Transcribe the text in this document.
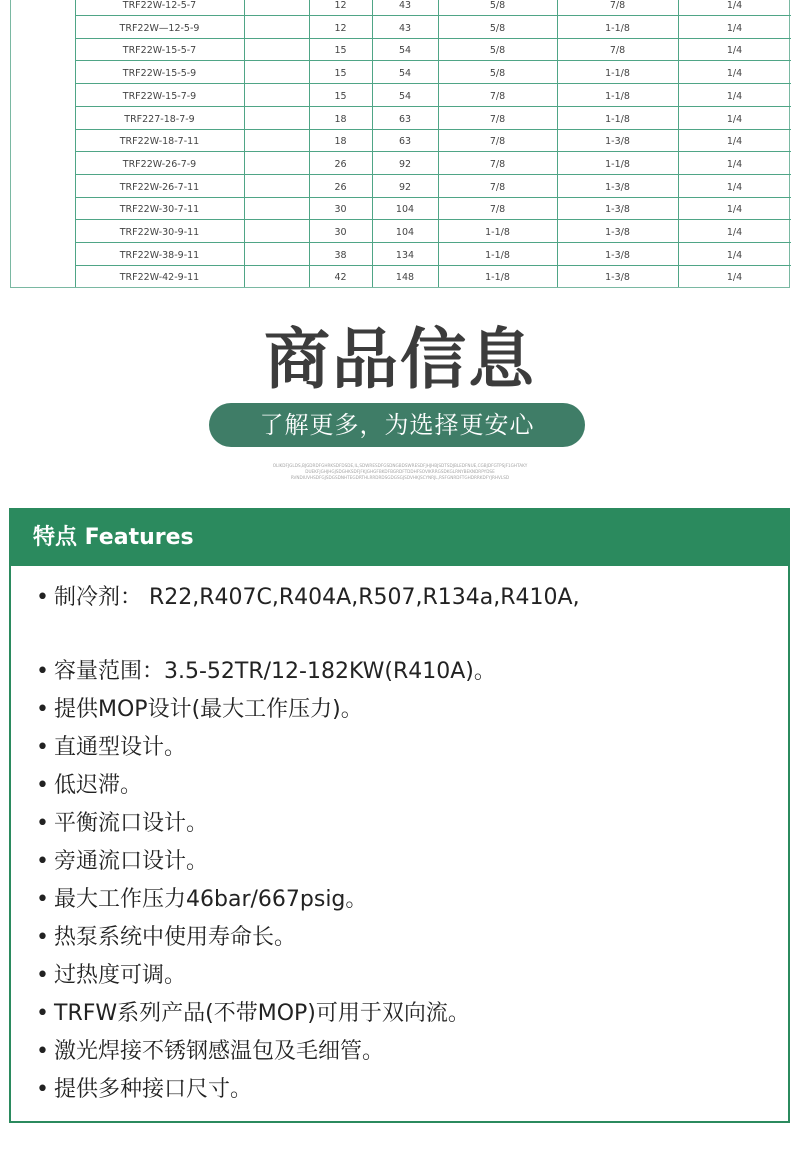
TRF22W-12-5-7	12	43	5/8	7/8	1/4
TRF22W—12-5-9	12	43	5/8	1-1/8	1/4
TRF22W-15-5-7	15	54	5/8	7/8	1/4
TRF22W-15-5-9	15	54	5/8	1-1/8	1/4
TRF22W-15-7-9	15	54	7/8	1-1/8	1/4
TRF227-18-7-9	18	63	7/8	1-1/8	1/4
TRF22W-18-7-11	18	63	7/8	1-3/8	1/4
TRF22W-26-7-9	26	92	7/8	1-1/8	1/4
TRF22W-26-7-11	26	92	7/8	1-3/8	1/4
TRF22W-30-7-11	30	104	7/8	1-3/8	1/4
TRF22W-30-9-11	30	104	1-1/8	1-3/8	1/4
TRF22W-38-9-11	38	134	1-1/8	1-3/8	1/4
TRF22W-42-9-11	42	148	1-1/8	1-3/8	1/4
商品信息
了解更多，为选择更安心
OLIKDFJGLDS,BJGDRDFGHRKSDFDSDE,IL,SDWRESDFGSDNGBDSWRESDFJHJHBJSDTSDJBLEDFNUE,CGBJDFGTPSJF1GHTAKY
DUEKFJGHJHGJSDGHKSDFJFKJGHGFBKDFBGRDFTDDHFSOVIKRRGSDKGLRNYBEKNDRPYDSE
RVNDIUVHSDFGJSDGSDNHTEGDRTHLRRDRDSGDGSGJSDVHKJSCYNRJL,RSFGNRDFTGHDRRKDFYJRHVLSD
特点 Features
• 制冷剂： R22,R407C,R404A,R507,R134a,R410A,
• 容量范围：3.5-52TR/12-182KW(R410A)。
• 提供MOP设计(最大工作压力)。
• 直通型设计。
• 低迟滞。
• 平衡流口设计。
• 旁通流口设计。
• 最大工作压力46bar/667psig。
• 热泵系统中使用寿命长。
• 过热度可调。
• TRFW系列产品(不带MOP)可用于双向流。
• 激光焊接不锈钢感温包及毛细管。
• 提供多种接口尺寸。
